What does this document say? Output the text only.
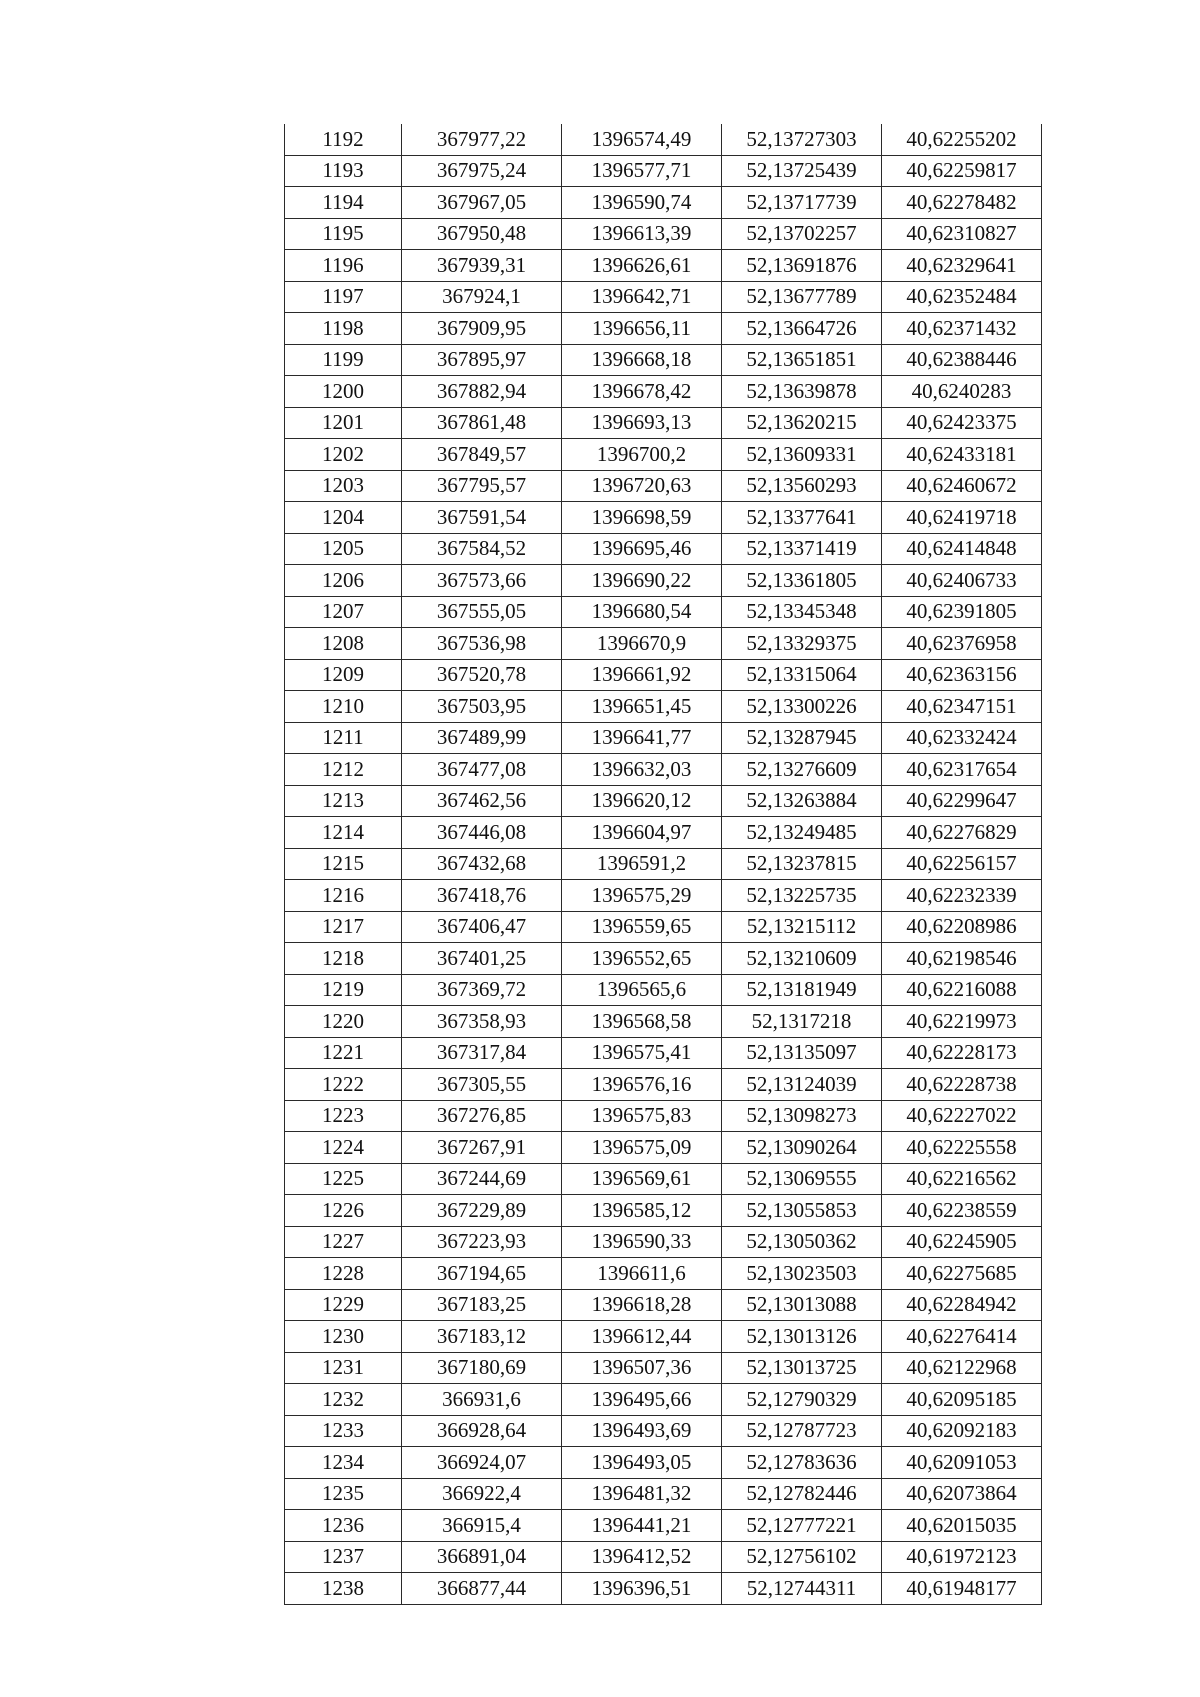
1192	367977,22	1396574,49	52,13727303	40,62255202
1193	367975,24	1396577,71	52,13725439	40,62259817
1194	367967,05	1396590,74	52,13717739	40,62278482
1195	367950,48	1396613,39	52,13702257	40,62310827
1196	367939,31	1396626,61	52,13691876	40,62329641
1197	367924,1	1396642,71	52,13677789	40,62352484
1198	367909,95	1396656,11	52,13664726	40,62371432
1199	367895,97	1396668,18	52,13651851	40,62388446
1200	367882,94	1396678,42	52,13639878	40,6240283
1201	367861,48	1396693,13	52,13620215	40,62423375
1202	367849,57	1396700,2	52,13609331	40,62433181
1203	367795,57	1396720,63	52,13560293	40,62460672
1204	367591,54	1396698,59	52,13377641	40,62419718
1205	367584,52	1396695,46	52,13371419	40,62414848
1206	367573,66	1396690,22	52,13361805	40,62406733
1207	367555,05	1396680,54	52,13345348	40,62391805
1208	367536,98	1396670,9	52,13329375	40,62376958
1209	367520,78	1396661,92	52,13315064	40,62363156
1210	367503,95	1396651,45	52,13300226	40,62347151
1211	367489,99	1396641,77	52,13287945	40,62332424
1212	367477,08	1396632,03	52,13276609	40,62317654
1213	367462,56	1396620,12	52,13263884	40,62299647
1214	367446,08	1396604,97	52,13249485	40,62276829
1215	367432,68	1396591,2	52,13237815	40,62256157
1216	367418,76	1396575,29	52,13225735	40,62232339
1217	367406,47	1396559,65	52,13215112	40,62208986
1218	367401,25	1396552,65	52,13210609	40,62198546
1219	367369,72	1396565,6	52,13181949	40,62216088
1220	367358,93	1396568,58	52,1317218	40,62219973
1221	367317,84	1396575,41	52,13135097	40,62228173
1222	367305,55	1396576,16	52,13124039	40,62228738
1223	367276,85	1396575,83	52,13098273	40,62227022
1224	367267,91	1396575,09	52,13090264	40,62225558
1225	367244,69	1396569,61	52,13069555	40,62216562
1226	367229,89	1396585,12	52,13055853	40,62238559
1227	367223,93	1396590,33	52,13050362	40,62245905
1228	367194,65	1396611,6	52,13023503	40,62275685
1229	367183,25	1396618,28	52,13013088	40,62284942
1230	367183,12	1396612,44	52,13013126	40,62276414
1231	367180,69	1396507,36	52,13013725	40,62122968
1232	366931,6	1396495,66	52,12790329	40,62095185
1233	366928,64	1396493,69	52,12787723	40,62092183
1234	366924,07	1396493,05	52,12783636	40,62091053
1235	366922,4	1396481,32	52,12782446	40,62073864
1236	366915,4	1396441,21	52,12777221	40,62015035
1237	366891,04	1396412,52	52,12756102	40,61972123
1238	366877,44	1396396,51	52,12744311	40,61948177
